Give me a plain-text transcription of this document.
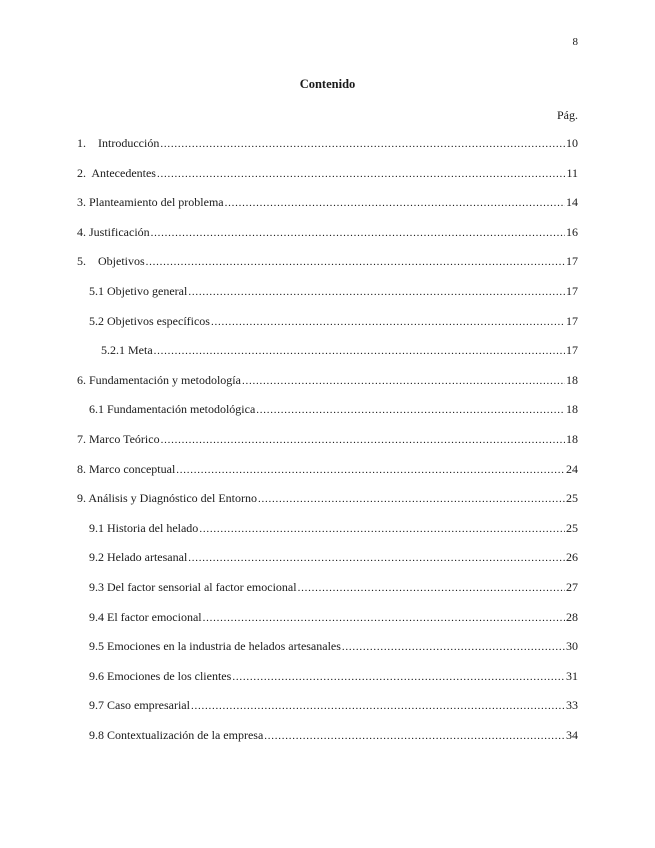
8
Contenido
Pág.
1.    Introducción . . .	10
2.  Antecedentes . . .	11
3. Planteamiento del problema . . .	14
4. Justificación . . .	16
5.    Objetivos . . .	17
5.1 Objetivo general . . .	17
5.2 Objetivos específicos . . .	17
5.2.1 Meta . . .	17
6. Fundamentación y metodología . . .	18
6.1 Fundamentación metodológica . . .	18
7. Marco Teórico . . .	18
8. Marco conceptual . . .	24
9. Análisis y Diagnóstico del Entorno . . .	25
9.1 Historia del helado . . .	25
9.2 Helado artesanal . . .	26
9.3 Del factor sensorial al factor emocional . . .	27
9.4 El factor emocional . . .	28
9.5 Emociones en la industria de helados artesanales . . .	30
9.6 Emociones de los clientes . . .	31
9.7 Caso empresarial . . .	33
9.8 Contextualización de la empresa . . .	34
